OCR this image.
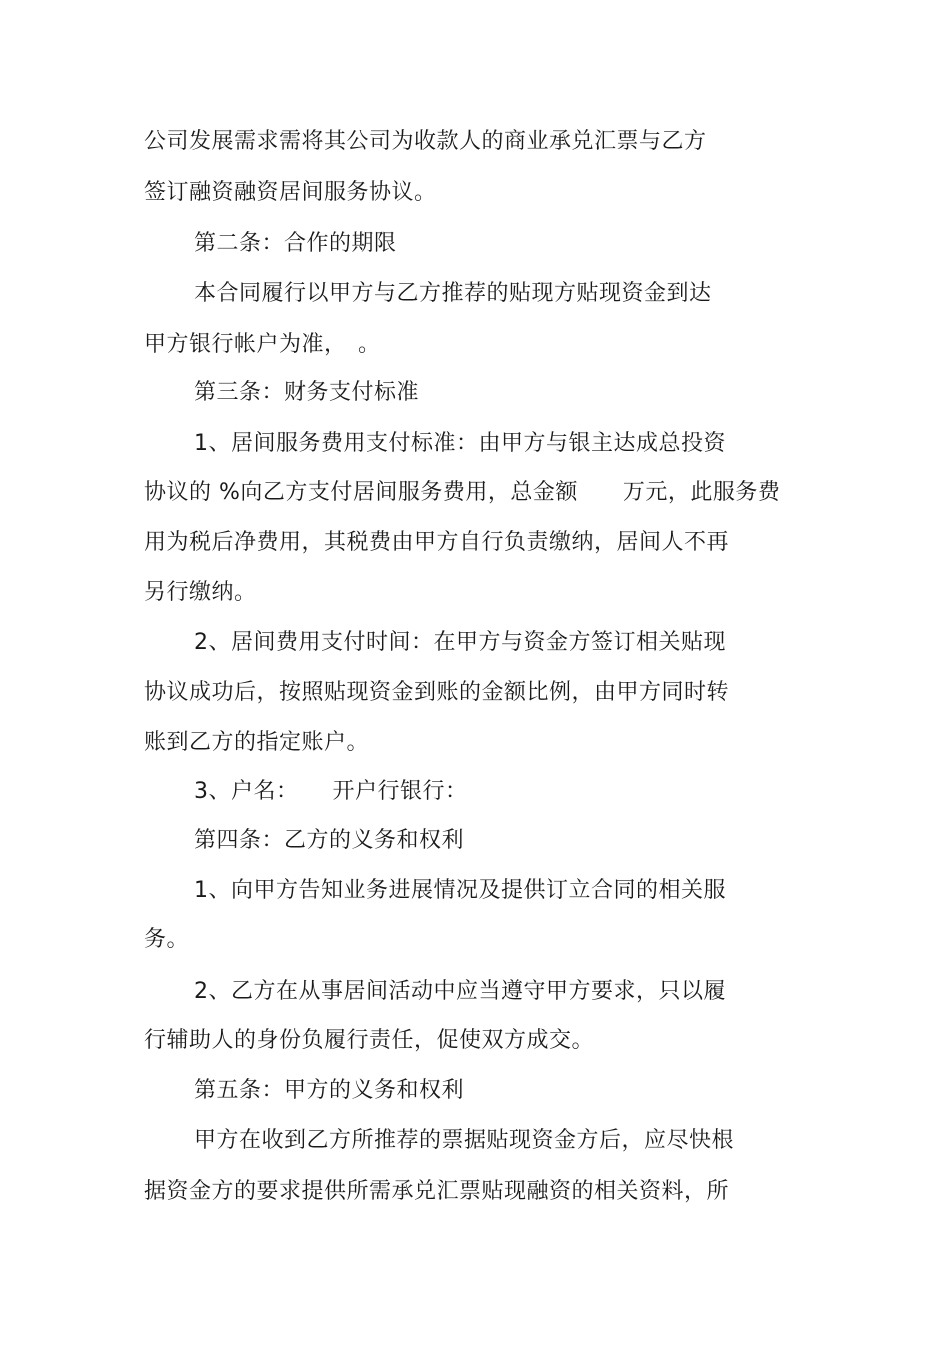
公司发展需求需将其公司为收款人的商业承兑汇票与乙方
签订融资融资居间服务协议。
第二条：合作的期限
本合同履行以甲方与乙方推荐的贴现方贴现资金到达
甲方银行帐户为准，　。
第三条：财务支付标准
1、居间服务费用支付标准：由甲方与银主达成总投资
协议的 %向乙方支付居间服务费用，总金额　　万元，此服务费
用为税后净费用，其税费由甲方自行负责缴纳，居间人不再
另行缴纳。
2、居间费用支付时间：在甲方与资金方签订相关贴现
协议成功后，按照贴现资金到账的金额比例，由甲方同时转
账到乙方的指定账户。
3、户名：　　开户行银行：
第四条：乙方的义务和权利
1、向甲方告知业务进展情况及提供订立合同的相关服
务。
2、乙方在从事居间活动中应当遵守甲方要求，只以履
行辅助人的身份负履行责任，促使双方成交。
第五条：甲方的义务和权利
甲方在收到乙方所推荐的票据贴现资金方后，应尽快根
据资金方的要求提供所需承兑汇票贴现融资的相关资料，所
